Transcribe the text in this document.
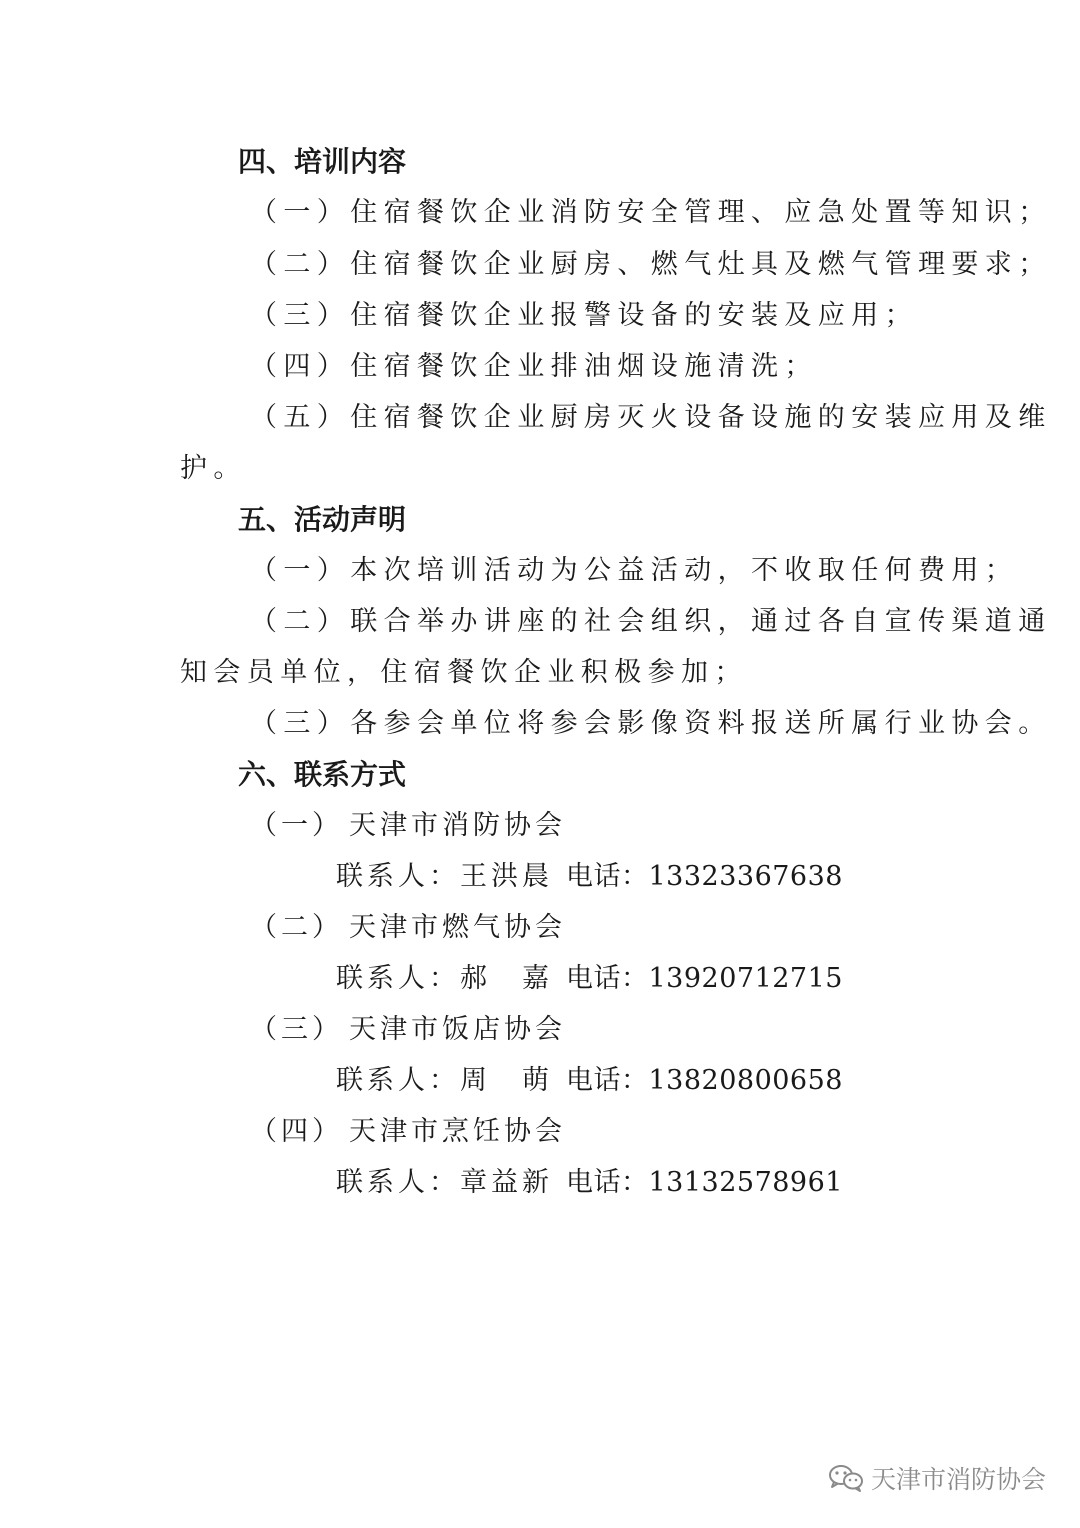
四、培训内容
（一）住宿餐饮企业消防安全管理、应急处置等知识；
（二）住宿餐饮企业厨房、燃气灶具及燃气管理要求；
（三）住宿餐饮企业报警设备的安装及应用；
（四）住宿餐饮企业排油烟设施清洗；
（五）住宿餐饮企业厨房灭火设备设施的安装应用及维
护。
五、活动声明
（一）本次培训活动为公益活动，不收取任何费用；
（二）联合举办讲座的社会组织，通过各自宣传渠道通
知会员单位，住宿餐饮企业积极参加；
（三）各参会单位将参会影像资料报送所属行业协会。
六、联系方式
（一） 天津市消防协会
联系人：王洪晨 电话：13323367638
（二） 天津市燃气协会
联系人：郝　嘉 电话：13920712715
（三） 天津市饭店协会
联系人：周　萌 电话：13820800658
（四） 天津市烹饪协会
联系人：章益新 电话：13132578961
天津市消防协会
